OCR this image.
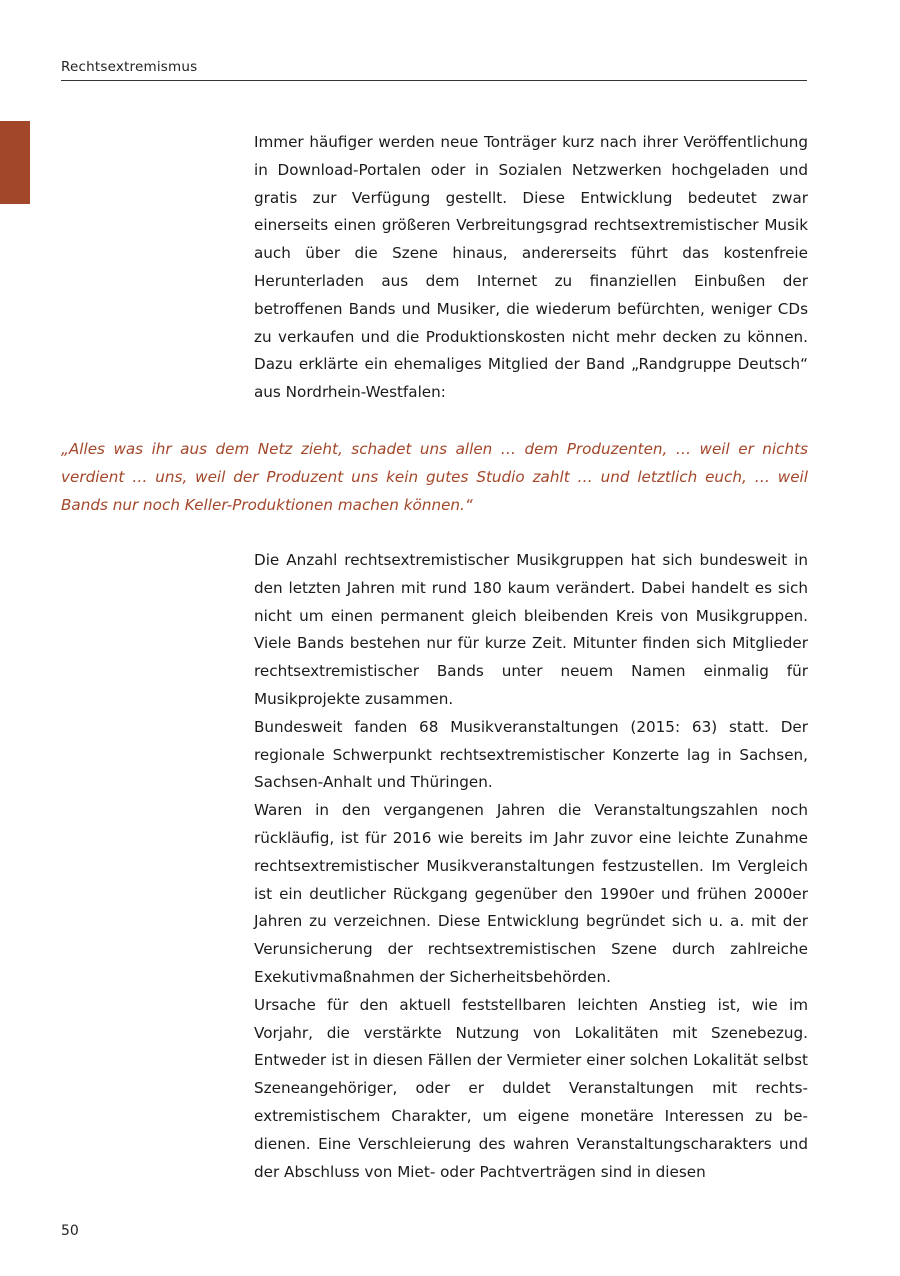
Rechtsextremismus

Immer häufiger werden neue Tonträger kurz nach ihrer Veröffentlichung in Download-Portalen oder in Sozialen Netzwerken hochgeladen und gratis zur Verfügung gestellt. Diese Entwicklung bedeutet zwar einerseits einen größeren Verbreitungsgrad rechtsextremistischer Musik auch über die Szene hinaus, andererseits führt das kostenfreie Herunterladen aus dem Internet zu finanziellen Einbußen der betroffenen Bands und Musiker, die wiederum befürchten, weniger CDs zu verkaufen und die Produktionskosten nicht mehr decken zu können. Dazu erklärte ein ehemaliges Mitglied der Band „Randgruppe Deutsch“ aus Nordrhein-Westfalen:

„Alles was ihr aus dem Netz zieht, schadet uns allen … dem Produzenten, … weil er nichts verdient … uns, weil der Produzent uns kein gutes Studio zahlt … und letztlich euch, … weil Bands nur noch Keller-Produktionen machen können.“

Die Anzahl rechtsextremistischer Musikgruppen hat sich bundesweit in den letzten Jahren mit rund 180 kaum verändert. Dabei handelt es sich nicht um einen permanent gleich bleibenden Kreis von Musikgruppen. Viele Bands bestehen nur für kurze Zeit. Mitunter finden sich Mitglieder rechtsextremistischer Bands unter neuem Namen einmalig für Musikprojekte zusammen.

Bundesweit fanden 68 Musikveranstaltungen (2015: 63) statt. Der regionale Schwerpunkt rechtsextremistischer Konzerte lag in Sachsen, Sachsen-Anhalt und Thüringen.

Waren in den vergangenen Jahren die Veranstaltungszahlen noch rückläufig, ist für 2016 wie bereits im Jahr zuvor eine leichte Zunahme rechtsextremistischer Musikveranstaltungen festzustellen. Im Vergleich ist ein deutlicher Rückgang gegenüber den 1990er und frühen 2000er Jahren zu verzeichnen. Diese Entwicklung begründet sich u. a. mit der Verunsicherung der rechtsextremistischen Szene durch zahlreiche Exekutivmaßnahmen der Sicherheitsbehörden.

Ursache für den aktuell feststellbaren leichten Anstieg ist, wie im Vorjahr, die verstärkte Nutzung von Lokalitäten mit Szenebezug. Entweder ist in diesen Fällen der Vermieter einer solchen Lokalität selbst Szeneangehöriger, oder er duldet Veranstaltungen mit rechtsextremistischem Charakter, um eigene monetäre Interessen zu bedienen. Eine Verschleierung des wahren Veranstaltungscharakters und der Abschluss von Miet- oder Pachtverträgen sind in diesen

50
